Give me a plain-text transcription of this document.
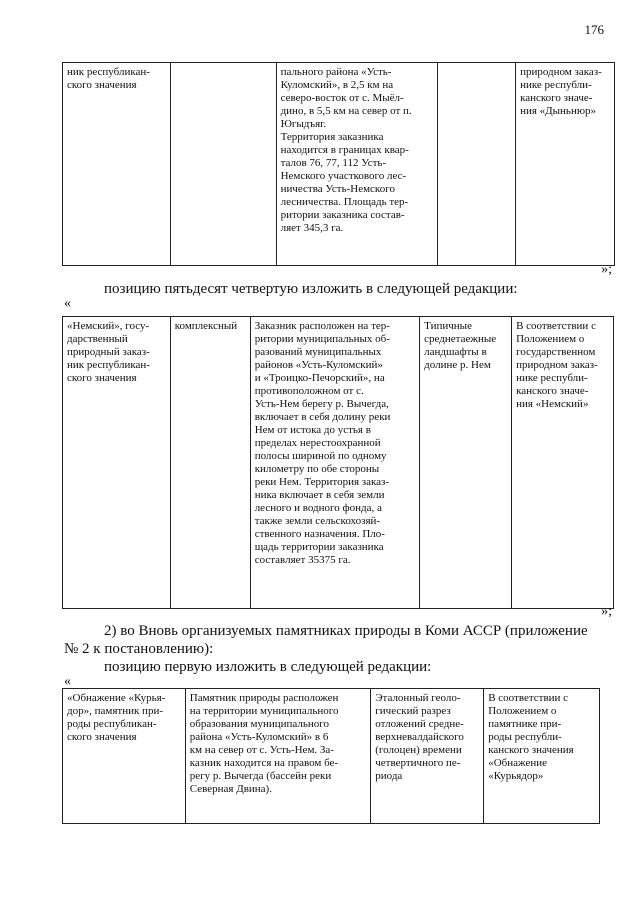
176
ник республикан-
ского значения		пального района «Усть-
Куломский», в 2,5 км на
северо-восток от с. Мыёл-
дино, в 5,5 км на север от п.
Югыдъяг.
Территория заказника
находится в границах квар-
талов 76, 77, 112 Усть-
Немского участкового лес-
ничества Усть-Немского
лесничества. Площадь тер-
ритории заказника состав-
ляет 345,3 га.		природном заказ-
нике республи-
канского значе-
ния «Дыньнюр»
»;
позицию пятьдесят четвертую изложить в следующей редакции:
«
«Немский», госу-
дарственный
природный заказ-
ник республикан-
ского значения	комплексный	Заказник расположен на тер-
ритории муниципальных об-
разований муниципальных
районов «Усть-Куломский»
и «Троицко-Печорский», на
противоположном от с.
Усть-Нем берегу р. Вычегда,
включает в себя долину реки
Нем от истока до устья в
пределах нерестоохранной
полосы шириной по одному
километру по обе стороны
реки Нем. Территория заказ-
ника включает в себя земли
лесного и водного фонда, а
также земли сельскохозяй-
ственного назначения. Пло-
щадь территории заказника
составляет 35375 га.	Типичные
среднетаежные
ландшафты в
долине р. Нем	В соответствии с
Положением о
государственном
природном заказ-
нике республи-
канского значе-
ния «Немский»
»;
2) во Вновь организуемых памятниках природы в Коми АССР (приложение
№ 2 к постановлению):
позицию первую изложить в следующей редакции:
«
«Обнажение «Курья-
дор», памятник при-
роды республикан-
ского значения	Памятник природы расположен
на территории муниципального
образования муниципального
района «Усть-Куломский» в 6
км на север от с. Усть-Нем. За-
казник находится на правом бе-
регу р. Вычегда (бассейн реки
Северная Двина).	Эталонный геоло-
гический разрез
отложений средне-
верхневалдайского
(голоцен) времени
четвертичного пе-
риода	В соответствии с
Положением о
памятнике при-
роды республи-
канского значения
«Обнажение
«Курьядор»
